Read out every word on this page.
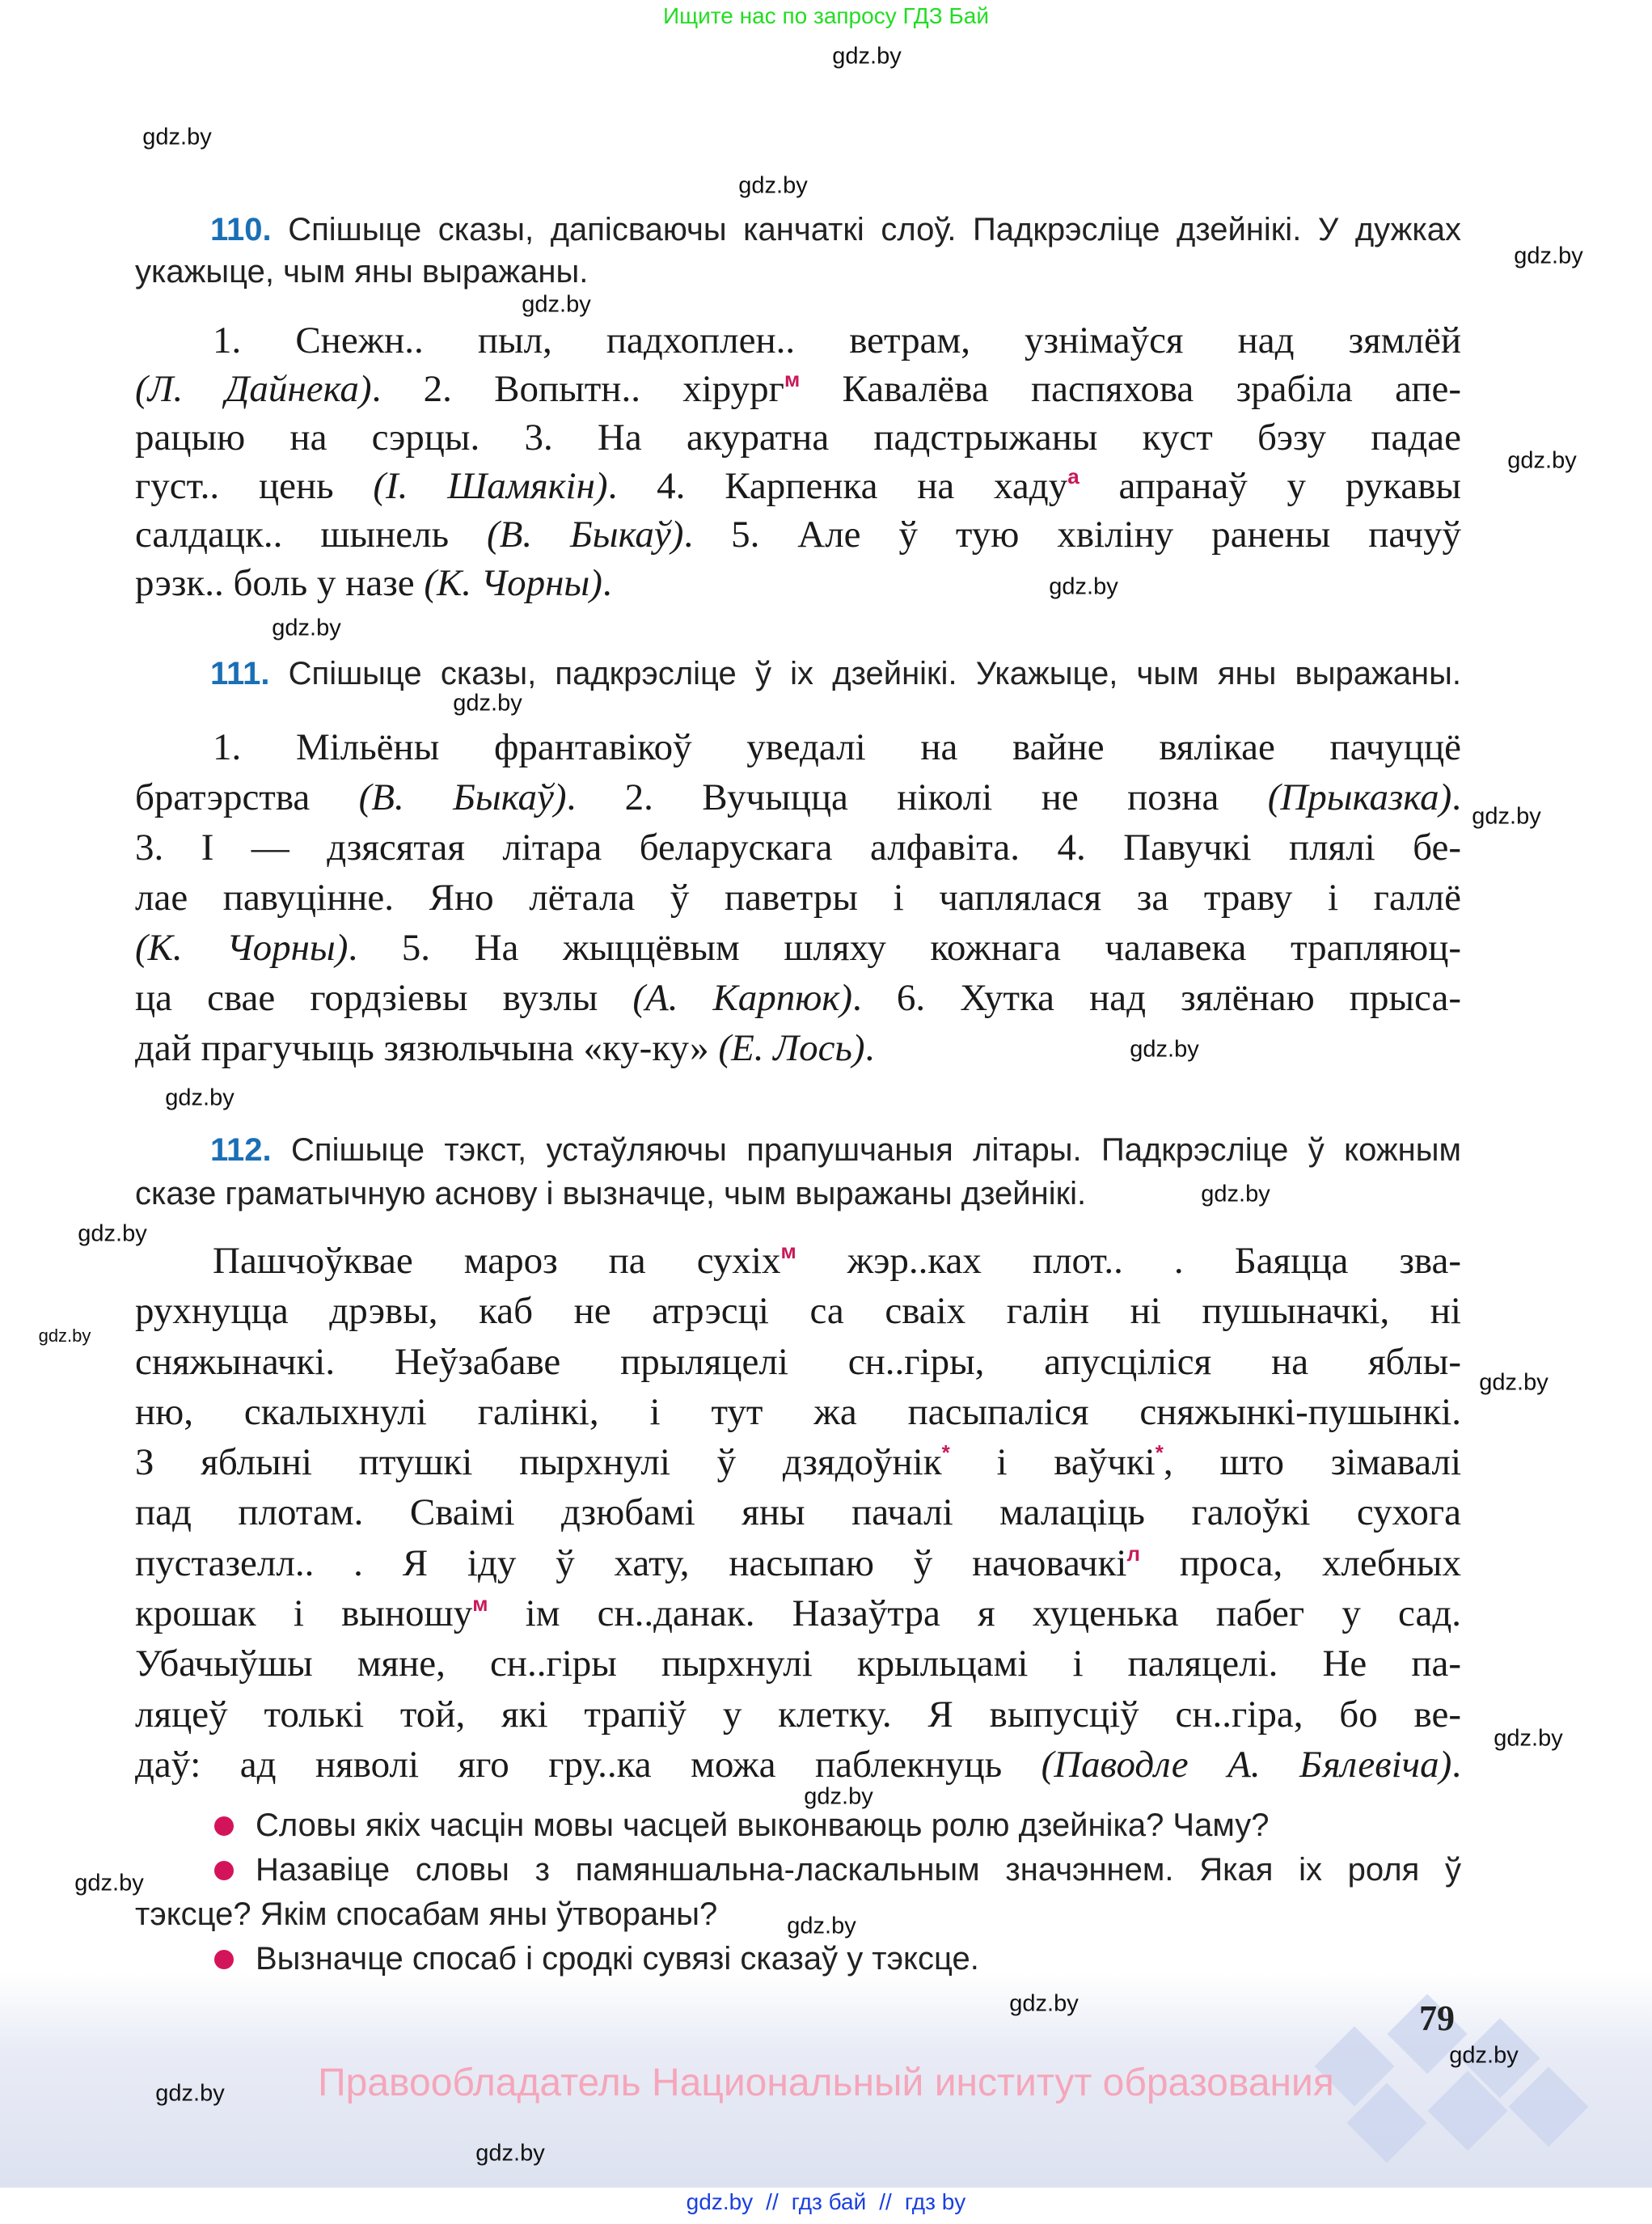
Ищите нас по запросу ГДЗ Бай
110. Спішыце сказы, дапісваючы канчаткі слоў. Падкрэсліце дзейнікі. У дужках
укажыце, чым яны выражаны.
1. Снежн.. пыл, падхоплен.. ветрам, узнімаўся над зямлёй
(Л. Дайнека). 2. Вопытн.. хірург$^м$ Кавалёва паспяхова зрабіла апе-
рацыю на сэрцы. 3. На акуратна падстрыжаны куст бэзу падае
густ.. цень (І. Шамякін). 4. Карпенка на хаду$^а$ апранаў у рукавы
салдацк.. шынель (В. Быкаў). 5. Але ў тую хвіліну ранены пачуў
рэзк.. боль у назе (К. Чорны).
111. Спішыце сказы, падкрэсліце ў іх дзейнікі. Укажыце, чым яны выражаны.
1. Мільёны франтавікоў уведалі на вайне вялікае пачуццё
братэрства (В. Быкаў). 2. Вучыцца ніколі не позна (Прыказка).
3. І — дзясятая літара беларускага алфавіта. 4. Павучкі плялі бе-
лае павуцінне. Яно лётала ў паветры і чаплялася за траву і галлё
(К. Чорны). 5. На жыццёвым шляху кожнага чалавека трапляюц-
ца свае гордзіевы вузлы (А. Карпюк). 6. Хутка над зялёнаю прыса-
дай прагучыць зязюльчына «ку-ку» (Е. Лось).
112. Спішыце тэкст, устаўляючы прапушчаныя літары. Падкрэсліце ў кожным
сказе граматычную аснову і вызначце, чым выражаны дзейнікі.
Пашчоўквае мароз па сухіх$^м$ жэр..ках плот.. . Баяцца зва-
рухнуцца дрэвы, каб не атрэсці са сваіх галін ні пушыначкі, ні
сняжыначкі. Неўзабаве прыляцелі сн..гіры, апусціліся на яблы-
ню, скалыхнулі галінкі, і тут жа пасыпаліся сняжынкі-пушынкі.
З яблыні птушкі пырхнулі ў дзядоўнік* і ваўчкі*, што зімавалі
пад плотам. Сваімі дзюбамі яны пачалі малаціць галоўкі сухога
пустазелл.. . Я іду ў хату, насыпаю ў начовачкі$^л$ проса, хлебных
крошак і выношу$^м$ ім сн..данак. Назаўтра я хуценька пабег у сад.
Убачыўшы мяне, сн..гіры пырхнулі крыльцамі і паляцелі. Не па-
ляцеў толькі той, які трапіў у клетку. Я выпусціў сн..гіра, бо ве-
даў: ад няволі яго гру..ка можа паблекнуць (Паводле А. Бялевіча).
Словы якіх часцін мовы часцей выконваюць ролю дзейніка? Чаму?
Назавіце словы з памяншальна-ласкальным значэннем. Якая іх роля ў
тэксце? Якім спосабам яны ўтвораны?
Вызначце спосаб і сродкі сувязі сказаў у тэксце.
79
Правообладатель Национальный институт образования
gdz.by // гдз бай // гдз by
gdz.by
gdz.by
gdz.by
gdz.by
gdz.by
gdz.by
gdz.by
gdz.by
gdz.by
gdz.by
gdz.by
gdz.by
gdz.by
gdz.by
gdz.by
gdz.by
gdz.by
gdz.by
gdz.by
gdz.by
gdz.by
gdz.by
gdz.by
gdz.by
